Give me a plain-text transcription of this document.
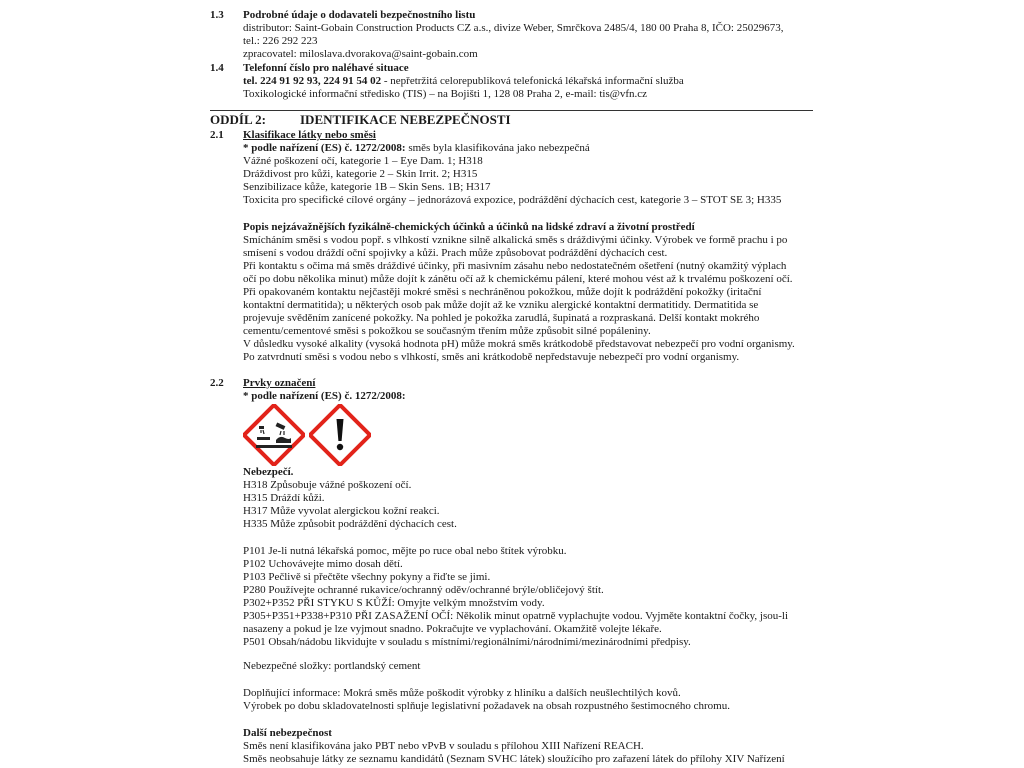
1.3 Podrobné údaje o dodavateli bezpečnostního listu
distributor: Saint-Gobain Construction Products CZ a.s., divize Weber, Smrčkova 2485/4, 180 00 Praha 8, IČO: 25029673,
tel.: 226 292 223
zpracovatel: miloslava.dvorakova@saint-gobain.com
1.4 Telefonní číslo pro naléhavé situace
tel. 224 91 92 93, 224 91 54 02 - nepřetržitá celorepubliková telefonická lékařská informační služba
Toxikologické informační středisko (TIS) – na Bojišti 1, 128 08 Praha 2, e-mail: tis@vfn.cz
ODDÍL 2:	IDENTIFIKACE NEBEZPEČNOSTI
2.1 Klasifikace látky nebo směsi
* podle nařízení (ES) č. 1272/2008: směs byla klasifikována jako nebezpečná
Vážné poškození očí, kategorie 1 – Eye Dam. 1; H318
Dráždivost pro kůži, kategorie 2 – Skin Irrit. 2; H315
Senzibilizace kůže, kategorie 1B – Skin Sens. 1B; H317
Toxicita pro specifické cílové orgány – jednorázová expozice, podráždění dýchacích cest, kategorie 3 – STOT SE 3; H335
Popis nejzávažnějších fyzikálně-chemických účinků a účinků na lidské zdraví a životní prostředí
Smícháním směsi s vodou popř. s vlhkostí vznikne silně alkalická směs s dráždivými účinky. Výrobek ve formě prachu i po
smísení s vodou dráždí oční spojivky a kůži. Prach může způsobovat podráždění dýchacích cest.
Při kontaktu s očima má směs dráždivé účinky, při masivním zásahu nebo nedostatečném ošetření (nutný okamžitý výplach
očí po dobu několika minut) může dojít k zánětu očí až k chemickému pálení, které mohou vést až k trvalému poškození očí.
Při opakovaném kontaktu nejčastěji mokré směsi s nechráněnou pokožkou, může dojít k podráždění pokožky (iritační
kontaktní dermatitida); u některých osob pak může dojít až ke vzniku alergické kontaktní dermatitidy. Dermatitida se
projevuje svěděním zanícené pokožky. Na pohled je pokožka zarudlá, šupinatá a rozpraskaná. Delší kontakt mokrého
cementu/cementové směsi s pokožkou se současným třením může způsobit silné popáleniny.
V důsledku vysoké alkality (vysoká hodnota pH) může mokrá směs krátkodobě představovat nebezpečí pro vodní organismy.
Po zatvrdnutí směsi s vodou nebo s vlhkostí, směs ani krátkodobě nepředstavuje nebezpečí pro vodní organismy.
2.2 Prvky označení
* podle nařízení (ES) č. 1272/2008:
Nebezpečí.
H318 Způsobuje vážné poškození očí.
H315 Dráždí kůži.
H317 Může vyvolat alergickou kožní reakci.
H335 Může způsobit podráždění dýchacích cest.
P101 Je-li nutná lékařská pomoc, mějte po ruce obal nebo štítek výrobku.
P102 Uchovávejte mimo dosah dětí.
P103 Pečlivě si přečtěte všechny pokyny a řiďte se jimi.
P280 Používejte ochranné rukavice/ochranný oděv/ochranné brýle/obličejový štít.
P302+P352 PŘI STYKU S KŮŽÍ: Omyjte velkým množstvím vody.
P305+P351+P338+P310 PŘI ZASAŽENÍ OČÍ: Několik minut opatrně vyplachujte vodou. Vyjměte kontaktní čočky, jsou-li
nasazeny a pokud je lze vyjmout snadno. Pokračujte ve vyplachování. Okamžitě volejte lékaře.
P501 Obsah/nádobu likvidujte v souladu s místními/regionálními/národními/mezinárodními předpisy.
Nebezpečné složky: portlandský cement
Doplňující informace: Mokrá směs může poškodit výrobky z hliníku a dalších neušlechtilých kovů.
Výrobek po dobu skladovatelnosti splňuje legislativní požadavek na obsah rozpustného šestimocného chromu.
Další nebezpečnost
Směs není klasifikována jako PBT nebo vPvB v souladu s přílohou XIII Nařízení REACH.
Směs neobsahuje látky ze seznamu kandidátů (Seznam SVHC látek) sloužícího pro zařazení látek do přílohy XIV Nařízení
